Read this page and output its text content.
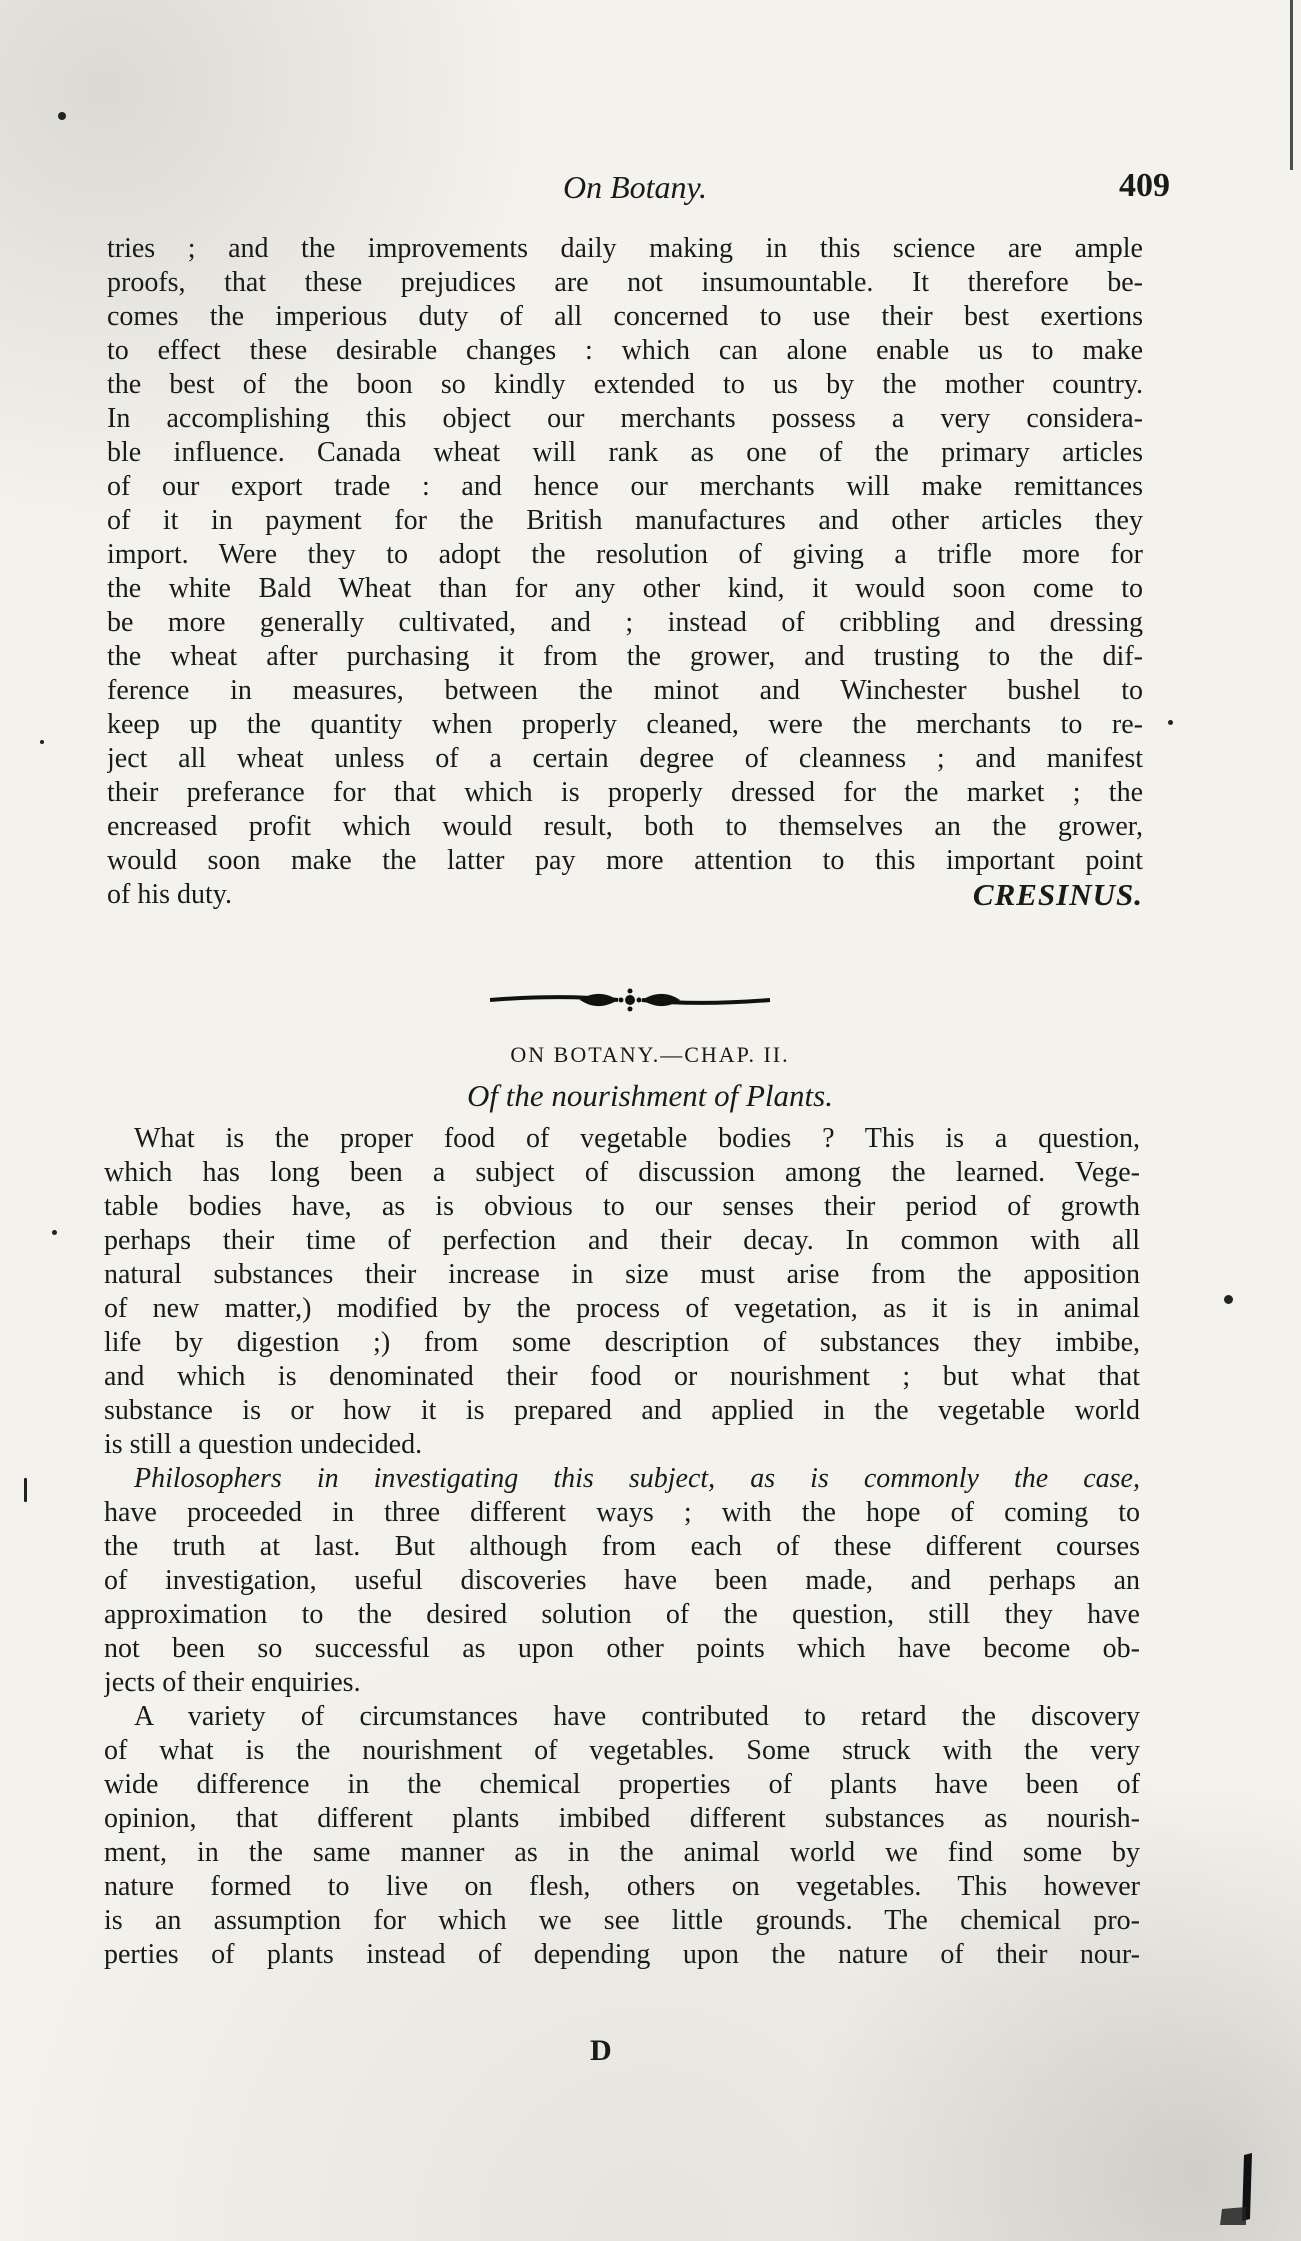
On Botany.	409
tries ; and the improvements daily making in this science are ample
proofs, that these prejudices are not insumountable. It therefore be-
comes the imperious duty of all concerned to use their best exertions
to effect these desirable changes : which can alone enable us to make
the best of the boon so kindly extended to us by the mother country.
In accomplishing this object our merchants possess a very considera-
ble influence. Canada wheat will rank as one of the primary articles
of our export trade : and hence our merchants will make remittances
of it in payment for the British manufactures and other articles they
import. Were they to adopt the resolution of giving a trifle more for
the white Bald Wheat than for any other kind, it would soon come to
be more generally cultivated, and ; instead of cribbling and dressing
the wheat after purchasing it from the grower, and trusting to the dif-
ference in measures, between the minot and Winchester bushel to
keep up the quantity when properly cleaned, were the merchants to re-
ject all wheat unless of a certain degree of cleanness ; and manifest
their preferance for that which is properly dressed for the market ; the
encreased profit which would result, both to themselves an the grower,
would soon make the latter pay more attention to this important point
of his duty.	CRESINUS.
ON BOTANY.—CHAP. II.
Of the nourishment of Plants.
What is the proper food of vegetable bodies ? This is a question,
which has long been a subject of discussion among the learned. Vege-
table bodies have, as is obvious to our senses their period of growth
perhaps their time of perfection and their decay. In common with all
natural substances their increase in size must arise from the apposition
of new matter,) modified by the process of vegetation, as it is in animal
life by digestion ;) from some description of substances they imbibe,
and which is denominated their food or nourishment ; but what that
substance is or how it is prepared and applied in the vegetable world
is still a question undecided.
Philosophers in investigating this subject, as is commonly the case,
have proceeded in three different ways ; with the hope of coming to
the truth at last. But although from each of these different courses
of investigation, useful discoveries have been made, and perhaps an
approximation to the desired solution of the question, still they have
not been so successful as upon other points which have become ob-
jects of their enquiries.
A variety of circumstances have contributed to retard the discovery
of what is the nourishment of vegetables. Some struck with the very
wide difference in the chemical properties of plants have been of
opinion, that different plants imbibed different substances as nourish-
ment, in the same manner as in the animal world we find some by
nature formed to live on flesh, others on vegetables. This however
is an assumption for which we see little grounds. The chemical pro-
perties of plants instead of depending upon the nature of their nour-
D
